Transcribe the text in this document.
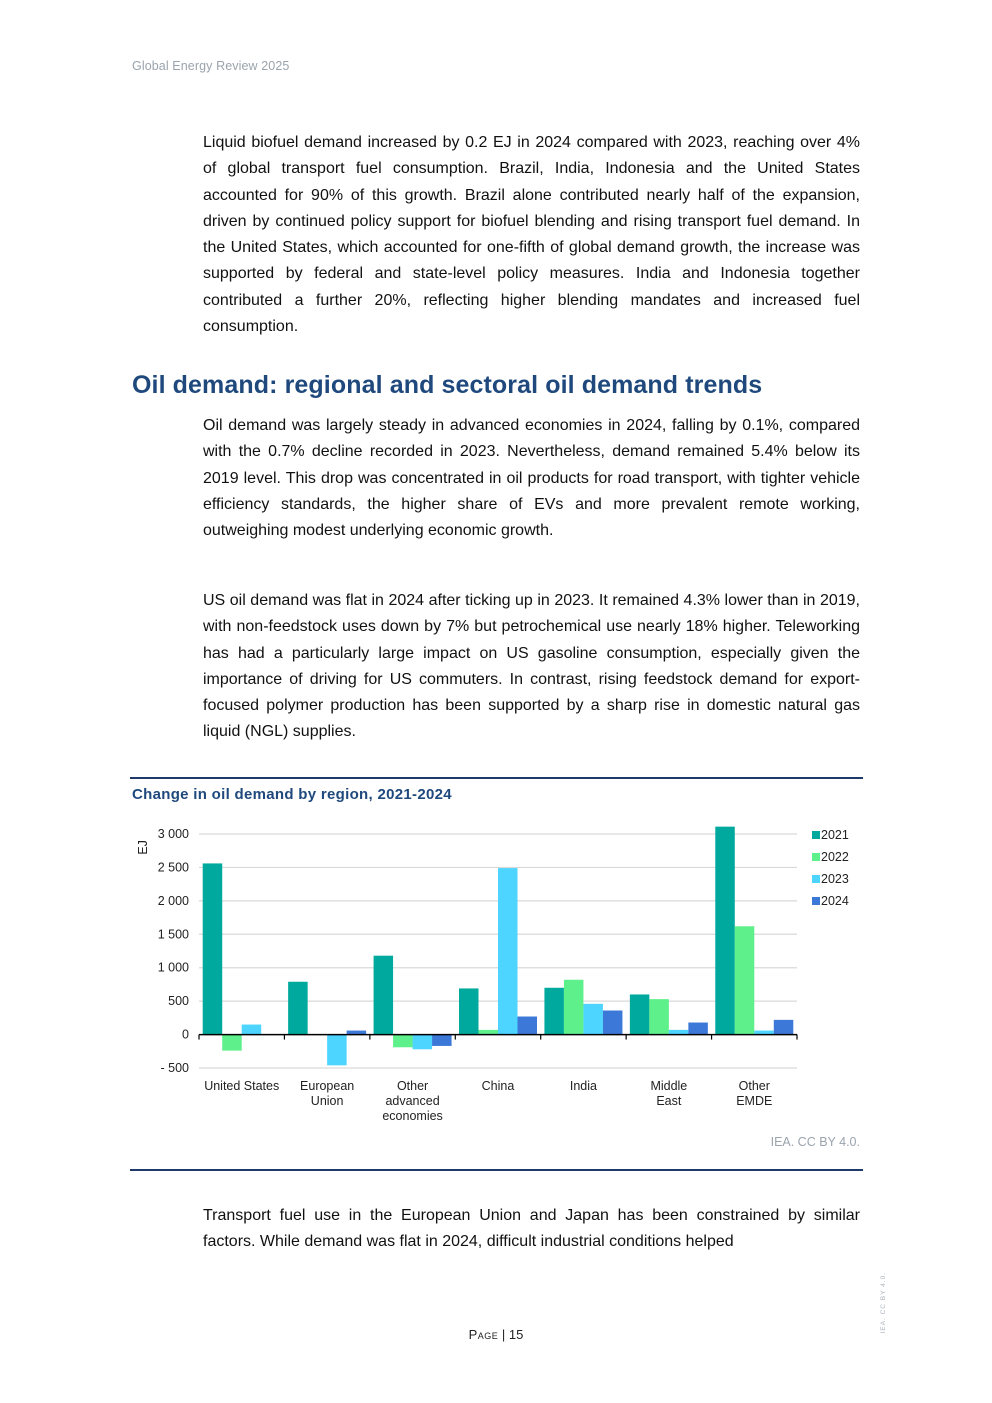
Global Energy Review 2025

Liquid biofuel demand increased by 0.2 EJ in 2024 compared with 2023, reaching over 4% of global transport fuel consumption. Brazil, India, Indonesia and the United States accounted for 90% of this growth. Brazil alone contributed nearly half of the expansion, driven by continued policy support for biofuel blending and rising transport fuel demand. In the United States, which accounted for one-fifth of global demand growth, the increase was supported by federal and state-level policy measures. India and Indonesia together contributed a further 20%, reflecting higher blending mandates and increased fuel consumption.

Oil demand: regional and sectoral oil demand trends

Oil demand was largely steady in advanced economies in 2024, falling by 0.1%, compared with the 0.7% decline recorded in 2023. Nevertheless, demand remained 5.4% below its 2019 level. This drop was concentrated in oil products for road transport, with tighter vehicle efficiency standards, the higher share of EVs and more prevalent remote working, outweighing modest underlying economic growth.

US oil demand was flat in 2024 after ticking up in 2023. It remained 4.3% lower than in 2019, with non-feedstock uses down by 7% but petrochemical use nearly 18% higher. Teleworking has had a particularly large impact on US gasoline consumption, especially given the importance of driving for US commuters. In contrast, rising feedstock demand for export-focused polymer production has been supported by a sharp rise in domestic natural gas liquid (NGL) supplies.

Change in oil demand by region, 2021-2024
- 500
0
500
1 000
1 500
2 000
2 500
3 000
EJ
United States European
Union
Other
advanced
economies
China	India	Middle
East
Other
EMDE
2021
2022
2023
2024
IEA. CC BY 4.0.

Transport fuel use in the European Union and Japan has been constrained by similar factors. While demand was flat in 2024, difficult industrial conditions helped

Page | 15
IEA. CC BY 4.0.
